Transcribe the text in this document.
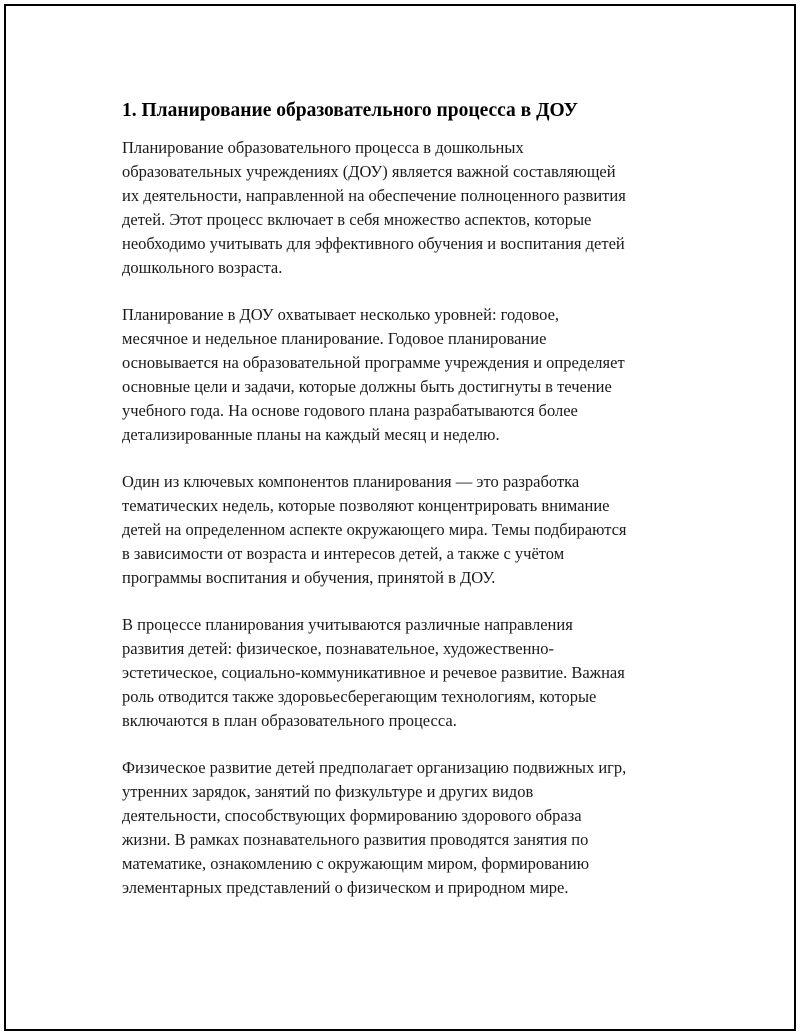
1. Планирование образовательного процесса в ДОУ

Планирование образовательного процесса в дошкольных
образовательных учреждениях (ДОУ) является важной составляющей
их деятельности, направленной на обеспечение полноценного развития
детей. Этот процесс включает в себя множество аспектов, которые
необходимо учитывать для эффективного обучения и воспитания детей
дошкольного возраста.

Планирование в ДОУ охватывает несколько уровней: годовое,
месячное и недельное планирование. Годовое планирование
основывается на образовательной программе учреждения и определяет
основные цели и задачи, которые должны быть достигнуты в течение
учебного года. На основе годового плана разрабатываются более
детализированные планы на каждый месяц и неделю.

Один из ключевых компонентов планирования — это разработка
тематических недель, которые позволяют концентрировать внимание
детей на определенном аспекте окружающего мира. Темы подбираются
в зависимости от возраста и интересов детей, а также с учётом
программы воспитания и обучения, принятой в ДОУ.

В процессе планирования учитываются различные направления
развития детей: физическое, познавательное, художественно-
эстетическое, социально-коммуникативное и речевое развитие. Важная
роль отводится также здоровьесберегающим технологиям, которые
включаются в план образовательного процесса.

Физическое развитие детей предполагает организацию подвижных игр,
утренних зарядок, занятий по физкультуре и других видов
деятельности, способствующих формированию здорового образа
жизни. В рамках познавательного развития проводятся занятия по
математике, ознакомлению с окружающим миром, формированию
элементарных представлений о физическом и природном мире.
